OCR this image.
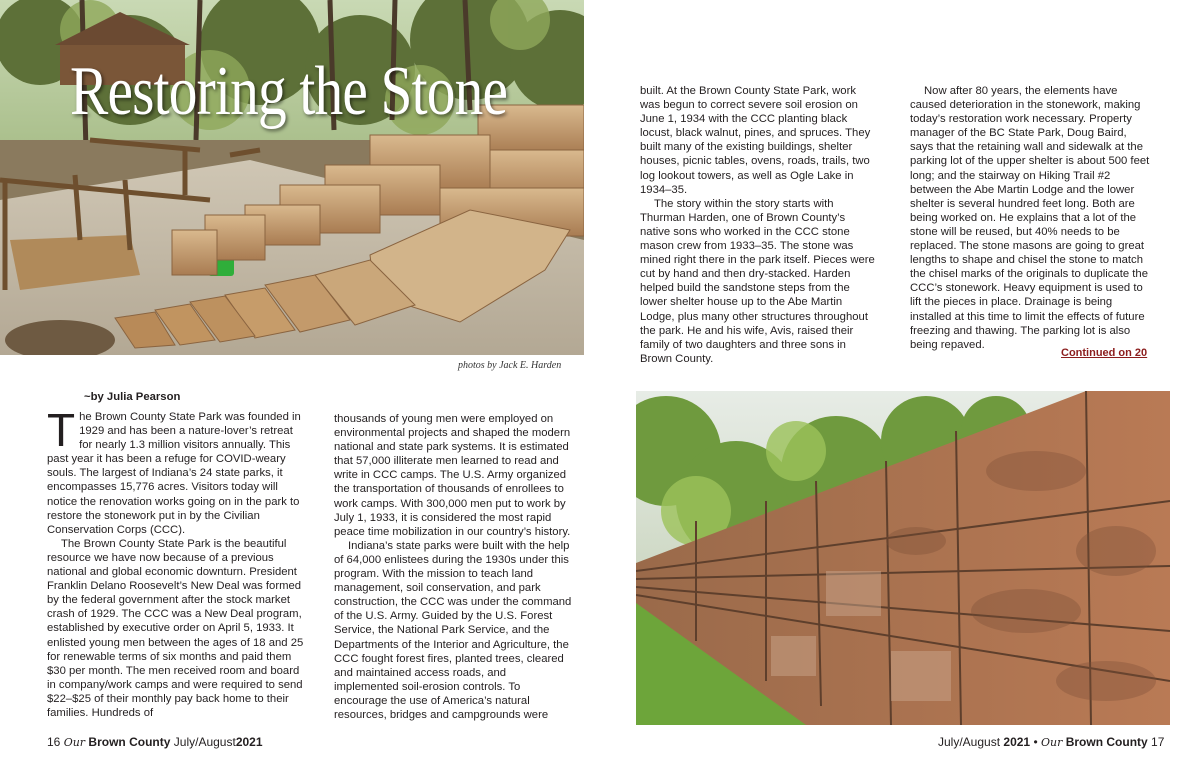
Restoring the Stone
photos by Jack E. Harden
~by Julia Pearson

The Brown County State Park was founded in 1929 and has been a nature-lover’s retreat for nearly 1.3 million visitors annually. This past year it has been a refuge for COVID-weary souls. The largest of Indiana’s 24 state parks, it encompasses 15,776 acres. Visitors today will notice the renovation works going on in the park to restore the stonework put in by the Civilian Conservation Corps (CCC).

The Brown County State Park is the beautiful resource we have now because of a previous national and global economic downturn. President Franklin Delano Roosevelt’s New Deal was formed by the federal government after the stock market crash of 1929. The CCC was a New Deal program, established by executive order on April 5, 1933. It enlisted young men between the ages of 18 and 25 for renewable terms of six months and paid them $30 per month. The men received room and board in company/work camps and were required to send $22–$25 of their monthly pay back home to their families. Hundreds of

thousands of young men were employed on environmental projects and shaped the modern national and state park systems. It is estimated that 57,000 illiterate men learned to read and write in CCC camps. The U.S. Army organized the transportation of thousands of enrollees to work camps. With 300,000 men put to work by July 1, 1933, it is considered the most rapid peace time mobilization in our country’s history.

Indiana’s state parks were built with the help of 64,000 enlistees during the 1930s under this program. With the mission to teach land management, soil conservation, and park construction, the CCC was under the command of the U.S. Army. Guided by the U.S. Forest Service, the National Park Service, and the Departments of the Interior and Agriculture, the CCC fought forest fires, planted trees, cleared and maintained access roads, and implemented soil-erosion controls. To encourage the use of America’s natural resources, bridges and campgrounds were

built. At the Brown County State Park, work was begun to correct severe soil erosion on June 1, 1934 with the CCC planting black locust, black walnut, pines, and spruces. They built many of the existing buildings, shelter houses, picnic tables, ovens, roads, trails, two log lookout towers, as well as Ogle Lake in 1934–35.

The story within the story starts with Thurman Harden, one of Brown County’s native sons who worked in the CCC stone mason crew from 1933–35. The stone was mined right there in the park itself. Pieces were cut by hand and then dry-stacked. Harden helped build the sandstone steps from the lower shelter house up to the Abe Martin Lodge, plus many other structures throughout the park. He and his wife, Avis, raised their family of two daughters and three sons in Brown County.

Now after 80 years, the elements have caused deterioration in the stonework, making today’s restoration work necessary. Property manager of the BC State Park, Doug Baird, says that the retaining wall and sidewalk at the parking lot of the upper shelter is about 500 feet long; and the stairway on Hiking Trail #2 between the Abe Martin Lodge and the lower shelter is several hundred feet long. Both are being worked on. He explains that a lot of the stone will be reused, but 40% needs to be replaced. The stone masons are going to great lengths to shape and chisel the stone to match the chisel marks of the originals to duplicate the CCC’s stonework. Heavy equipment is used to lift the pieces in place. Drainage is being installed at this time to limit the effects of future freezing and thawing. The parking lot is also being repaved.

Continued on 20
16 Our Brown County July/August2021	July/August 2021 • Our Brown County 17
